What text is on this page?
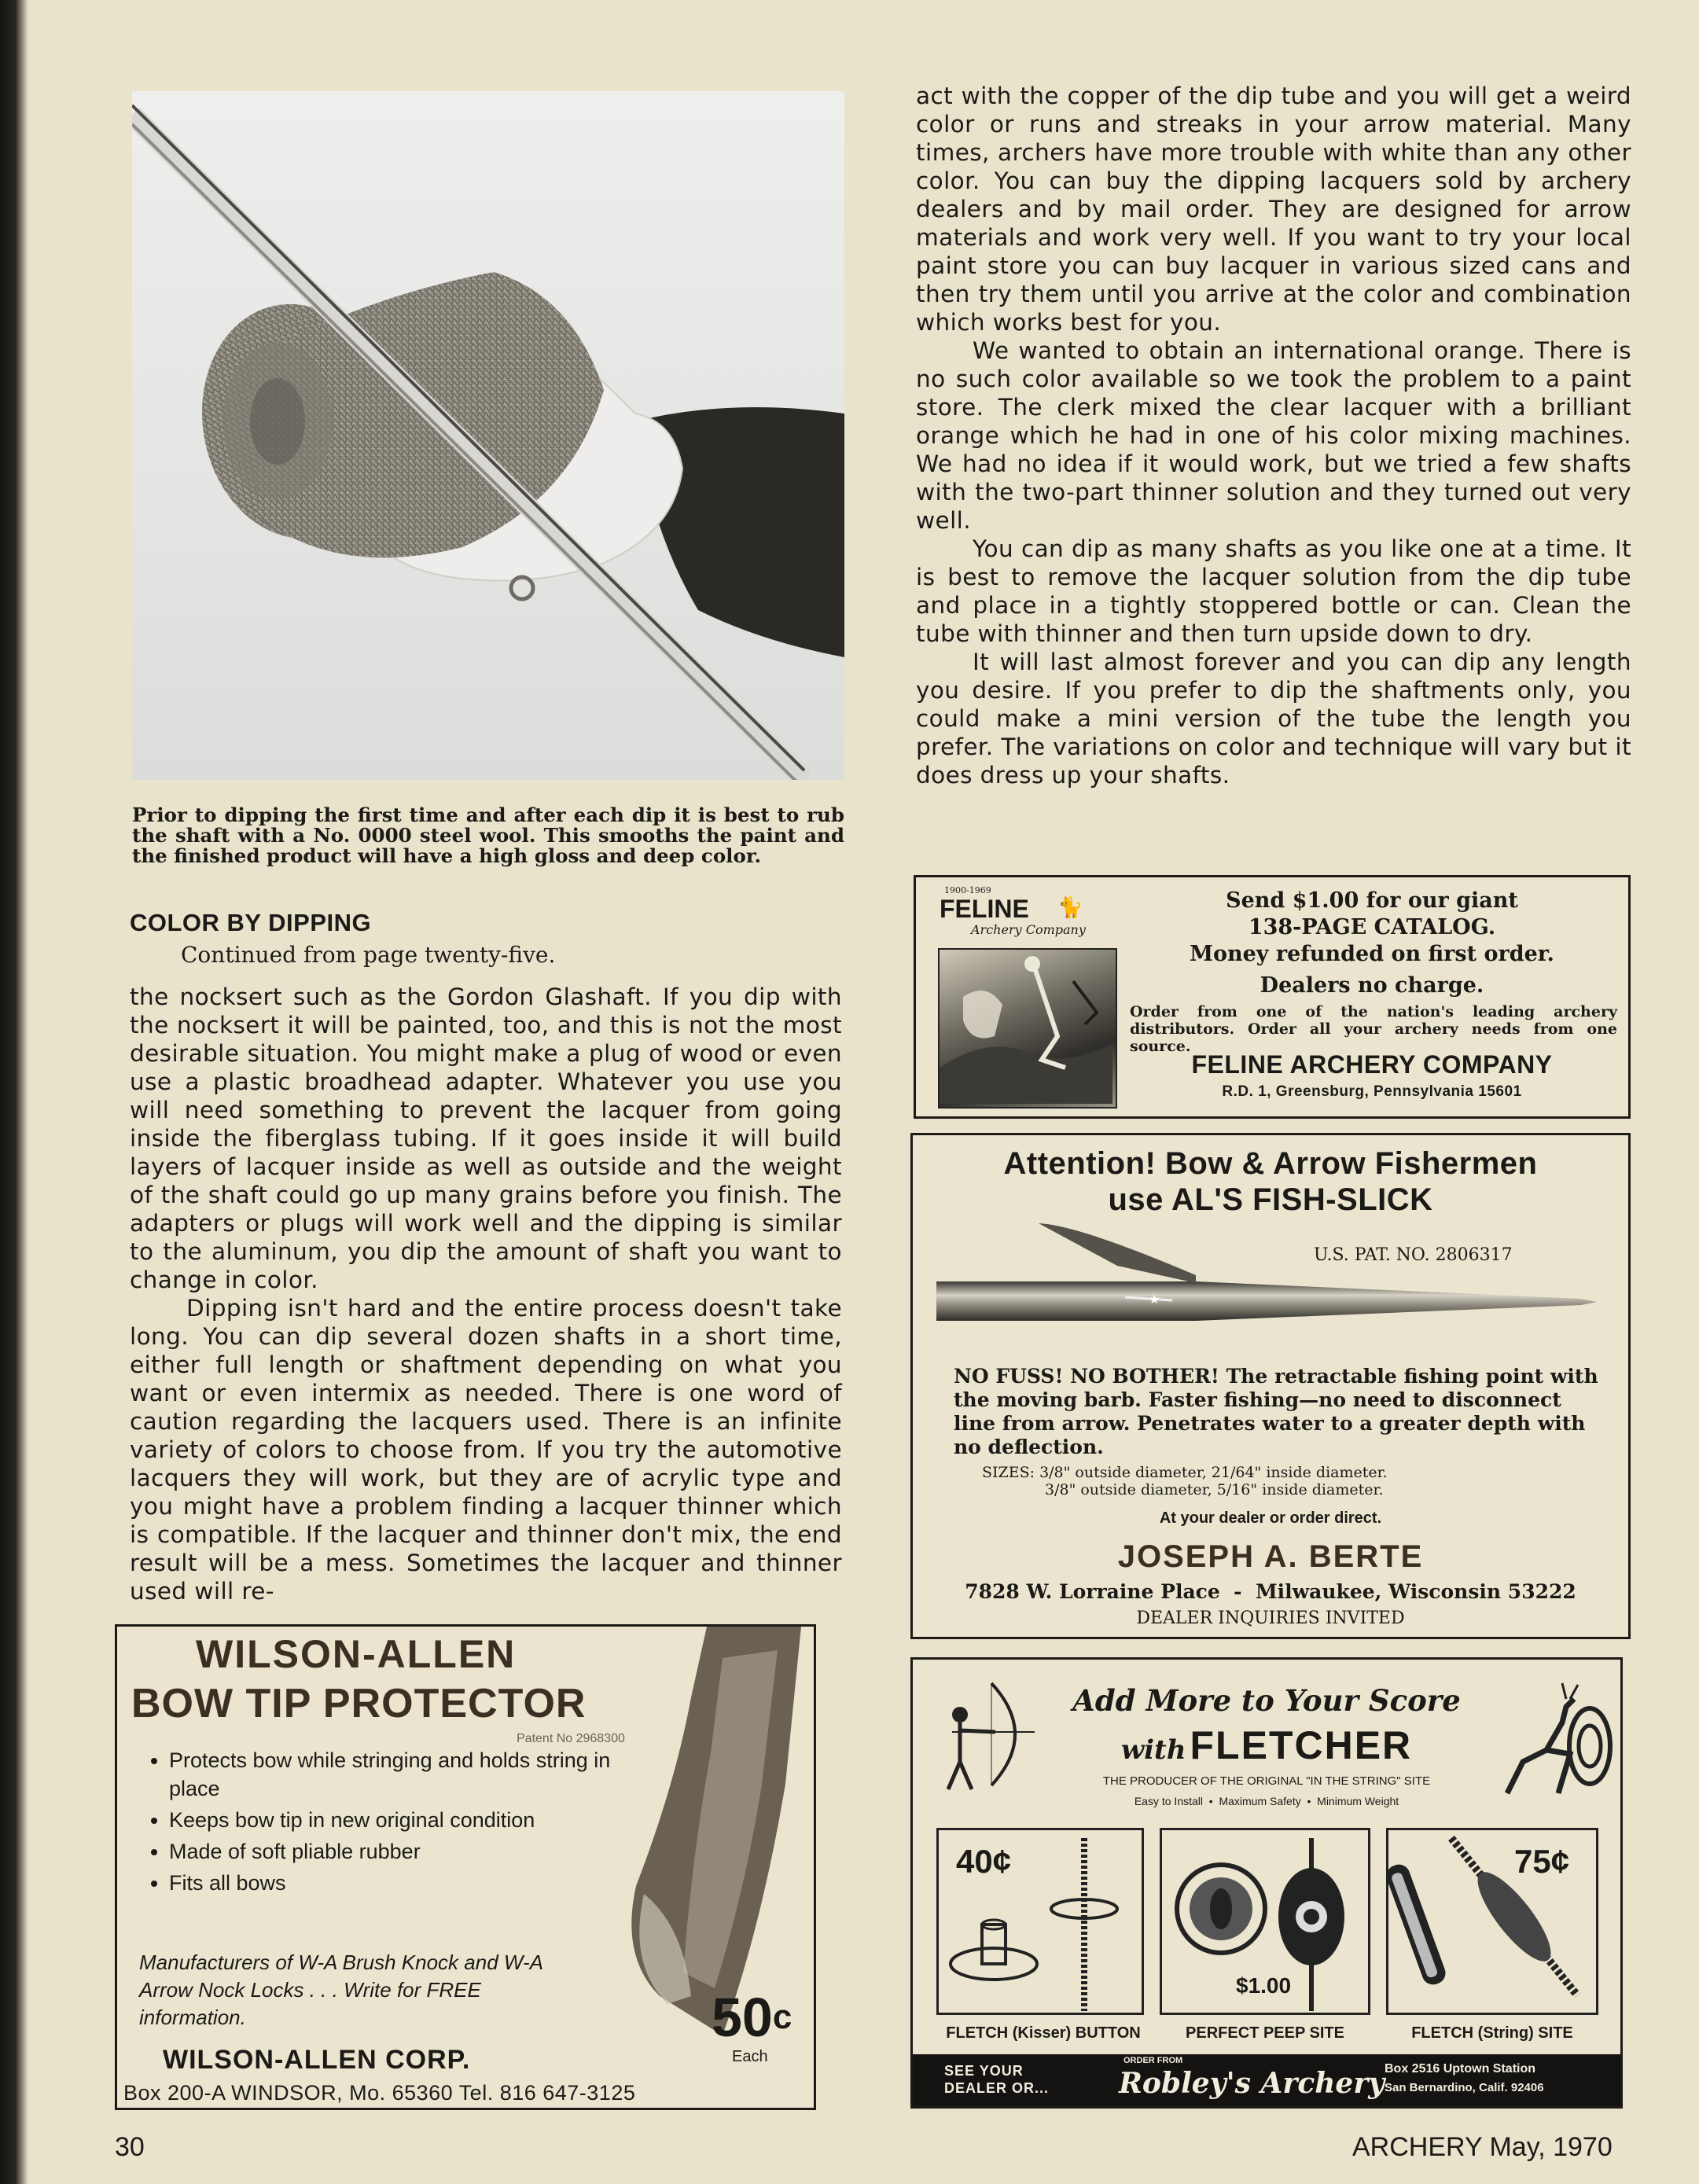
Prior to dipping the first time and after each dip it is best to rub the shaft with a No. 0000 steel wool. This smooths the paint and the finished product will have a high gloss and deep color.
COLOR BY DIPPING
Continued from page twenty-five.

the nocksert such as the Gordon Glashaft. If you dip with the nocksert it will be painted, too, and this is not the most desirable situation. You might make a plug of wood or even use a plastic broadhead adapter. Whatever you use you will need something to prevent the lacquer from going inside the fiberglass tubing. If it goes inside it will build layers of lacquer inside as well as outside and the weight of the shaft could go up many grains before you finish. The adapters or plugs will work well and the dipping is similar to the aluminum, you dip the amount of shaft you want to change in color.

Dipping isn't hard and the entire process doesn't take long. You can dip several dozen shafts in a short time, either full length or shaftment depending on what you want or even intermix as needed. There is one word of caution regarding the lacquers used. There is an infinite variety of colors to choose from. If you try the automotive lacquers they will work, but they are of acrylic type and you might have a problem finding a lacquer thinner which is compatible. If the lacquer and thinner don't mix, the end result will be a mess. Sometimes the lacquer and thinner used will re-

act with the copper of the dip tube and you will get a weird color or runs and streaks in your arrow material. Many times, archers have more trouble with white than any other color. You can buy the dipping lacquers sold by archery dealers and by mail order. They are designed for arrow materials and work very well. If you want to try your local paint store you can buy lacquer in various sized cans and then try them until you arrive at the color and combination which works best for you.

We wanted to obtain an international orange. There is no such color available so we took the problem to a paint store. The clerk mixed the clear lacquer with a brilliant orange which he had in one of his color mixing machines. We had no idea if it would work, but we tried a few shafts with the two-part thinner solution and they turned out very well.

You can dip as many shafts as you like one at a time. It is best to remove the lacquer solution from the dip tube and place in a tightly stoppered bottle or can. Clean the tube with thinner and then turn upside down to dry.

It will last almost forever and you can dip any length you desire. If you prefer to dip the shaftments only, you could make a mini version of the tube the length you prefer. The variations on color and technique will vary but it does dress up your shafts.

WILSON-ALLEN
BOW TIP PROTECTOR
Patent No 2968300
• Protects bow while stringing and holds string in place
• Keeps bow tip in new original condition
• Made of soft pliable rubber
• Fits all bows
Manufacturers of W-A Brush Knock and W-A Arrow Nock Locks . . . Write for FREE information.	50$^c$
Each
WILSON-ALLEN CORP.
Box 200-A WINDSOR, Mo. 65360 Tel. 816 647-3125
1900-1969
FELINE
Archery Company
🐈	Send $1.00 for our giant
138-PAGE CATALOG.
Money refunded on first order.
Dealers no charge.
Order from one of the nation's leading archery distributors. Order all your archery needs from one source.
FELINE ARCHERY COMPANY
R.D. 1, Greensburg, Pennsylvania 15601
Attention! Bow & Arrow Fishermen
use AL'S FISH-SLICK
U.S. PAT. NO. 2806317
★
NO FUSS! NO BOTHER! The retractable fishing point with the moving barb. Faster fishing—no need to disconnect line from arrow. Penetrates water to a greater depth with no deflection.
SIZES: 3/8" outside diameter, 21/64" inside diameter.
3/8" outside diameter, 5/16" inside diameter.
At your dealer or order direct.
JOSEPH A. BERTE
7828 W. Lorraine Place  -  Milwaukee, Wisconsin 53222
DEALER INQUIRIES INVITED
Add More to Your Score
with FLETCHER
THE PRODUCER OF THE ORIGINAL "IN THE STRING" SITE
Easy to Install  •  Maximum Safety  •  Minimum Weight
40¢
$1.00
75¢
FLETCH (Kisser) BUTTON	PERFECT PEEP SITE	FLETCH (String) SITE
SEE YOUR DEALER OR...
ORDER FROM
Robley's Archery Box 2516 Uptown Station
San Bernardino, Calif. 92406
30	ARCHERY May, 1970
